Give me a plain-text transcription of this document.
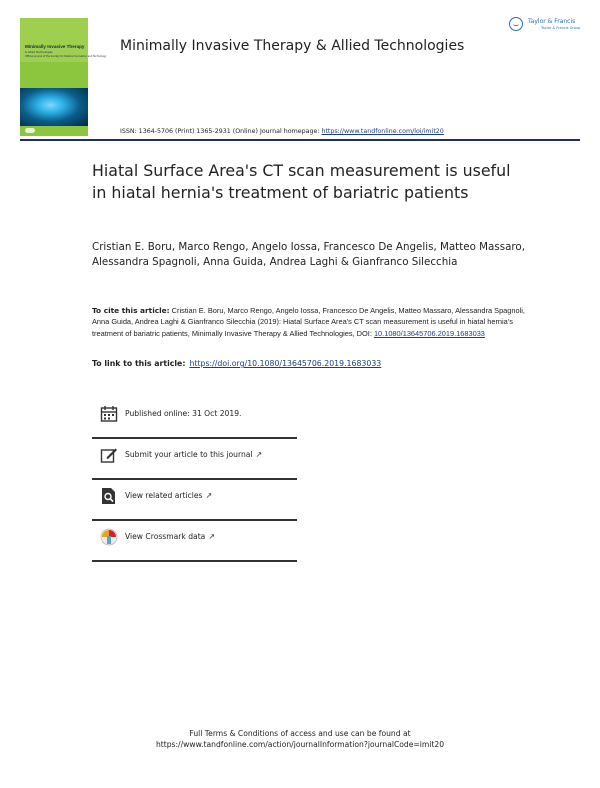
Minimally Invasive Therapy
& Allied Technologies
Official journal of the Society for Medical Innovation and Technology
Minimally Invasive Therapy & Allied Technologies
Taylor & Francis
Taylor & Francis Group
ISSN: 1364-5706 (Print) 1365-2931 (Online) Journal homepage: https://www.tandfonline.com/loi/imit20
Hiatal Surface Area's CT scan measurement is useful in hiatal hernia's treatment of bariatric patients
Cristian E. Boru, Marco Rengo, Angelo Iossa, Francesco De Angelis, Matteo Massaro, Alessandra Spagnoli, Anna Guida, Andrea Laghi & Gianfranco Silecchia
To cite this article: Cristian E. Boru, Marco Rengo, Angelo Iossa, Francesco De Angelis, Matteo Massaro, Alessandra Spagnoli, Anna Guida, Andrea Laghi & Gianfranco Silecchia (2019): Hiatal Surface Area's CT scan measurement is useful in hiatal hernia's treatment of bariatric patients, Minimally Invasive Therapy & Allied Technologies, DOI: 10.1080/13645706.2019.1683033
To link to this article: https://doi.org/10.1080/13645706.2019.1683033
Published online: 31 Oct 2019.
Submit your article to this journal ↗
View related articles ↗
View Crossmark data ↗
Full Terms & Conditions of access and use can be found at
https://www.tandfonline.com/action/journalInformation?journalCode=imit20
